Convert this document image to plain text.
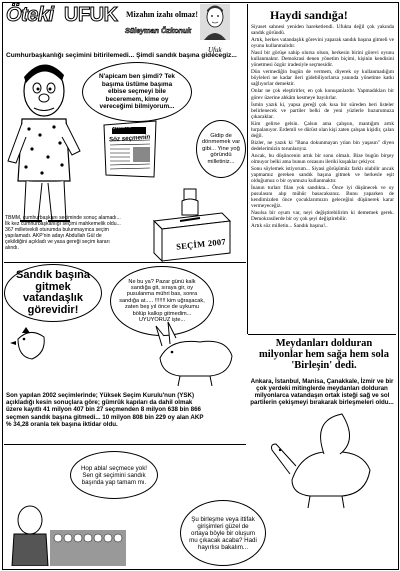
Öteki UFUK Mizahın izahı olmaz!
Süleyman Özkonuk
Ufuk
Cumhurbaşkanlığı seçimini bitirilemedi... Şimdi sandık başına gidecegiz...
GAZETE
Söz seçmenin
SEÇİM 2007
N'apicam ben şimdi? Tek başıma üstüme başıma elbise seçmeyi bile beceremem, kime oy vereceğimi bilmiyorum...
Gidip de dönmemek var gibi... Yine yoğ göründü milletiniz...
TBMM, cumhurbaşkanı seçiminde sonuç alamadı... İlk kez cumhurbaşkanlığı seçimi mahkemelik oldu... 367 milletvekili oturumda bulunmayınca seçim yapılamadı. AKP'nin adayı Abdullah Gül de çekildiğini açıkladı ve yasa gereği seçim kararı alındı.
Sandık başına gitmek vatandaşlık görevidir!
Ne bu ya? Pazar günü kalk sandığa git, sıraya gir, oy pusulanma mühri bas, sonra sandığa at..... !!!!!!! kim uğraşacak, zaten beş yıl önce de uykumu bölüp kalkıp gitmedim... UYUYORUZ işte...
Son yapılan 2002 seçimlerinde; Yüksek Seçim Kurulu'nun (YSK) açıkladığı kesin sonuçlara göre; gümrük kapıları da dahil olmak üzere kayıtlı 41 milyon 407 bin 27 seçmenden 8 milyon 638 bin 866 seçmen sandık başına gitmedi... 10 milyon 808 bin 229 oy alan AKP % 34,28 oranla tek başına iktidar oldu.
Hop abla! seçmece yok! Sen git seçimini sandık başında yap tamam mı.
Şu birleşme veya ittifak girişimleri güzel de ortaya böyle bir oluşum mu çıkacak acaba? Hadi hayırlısı bakalım...
Haydi sandığa!

Siyaset sahnesi yeniden hareketlendi. Ufukta değil çok yakında sandık göründü.

Artık, herkes vatandaşlık görevini yaparak sandık başına gitmeli ve oyunu kullanmalıdır.

Nasıl bir görüşe sahip olursa olsun, herkesin birini görevi oyunu kullanmaktır. Demokrasi denen yönetim biçimi, kişinin kendisini yönetmesi özgür iradesiyle seçmesidir.

Dün vermediğin bugün de vermem, diyerek oy kullanmadığım böyleleri ne kadar ileri gidebiliyorlarsa yanında yönetime katkı sağlıyorlar demektir.

Onlar ne çok eleştirirler, en çok konuşanlardır. Yapmadıkları bir görev üzerine ahkâm kesmeye bayılırlar.

İsmin yazık ki, yapsa gereği çok kısa bir süreden beri listeler belirlenecek ve partiler belki de yeni yüzlerle huzurumuza çıkacaklar.

Kim gelirse gelsin. Çalsın ama çalışsın, mantığım artık hırpalanıyor. Erdemli ve dürüst olan kişi zaten çalışan kişidir, çalan değil.

Bizler, ne yazık ki "Bana dokunmayan yılan bin yaşasın" diyen dedelerimizin torunlarıyız.

Ancak, bu düşüncenin artık bir sonu olmalı. Bize bugün birşey olmuyor belki ama bunun cezasını ileriki kuşaklar çekiyor.

Sonu söylemek istiyorum... Siyasi görüşümüz farklı olabilir ancak yapmamız gereken sandık başına gitmek ve herkesle eşit olduğumuz o bir oyumuzu kullanmaktır.

İnanın turları filan yok sandıkta... Önce iyi düşünecek ve oy pusulasını alıp mühür basacaksınız. Bunu yaparken de kendimizden önce çocuklarımızın geleceğini düşünerek karar vermeyeceğiz.

Nasılsa bir oyum var, neyi değiştirebilirim ki dememek gerek. Demokrasilerde bir oy çok şeyi değiştirebilir.

Artık söz milletin... Sandık başına!..

Meydanları dolduran milyonlar hem sağa hem sola 'Birleşin' dedi.
Ankara, İstanbul, Manisa, Çanakkale, İzmir ve bir çok yerdeki mitinglerde meydanları dolduran milyonlarca vatandaşın ortak isteği sağ ve sol partilerin çekişmeyi bırakarak birleşmeleri oldu...
